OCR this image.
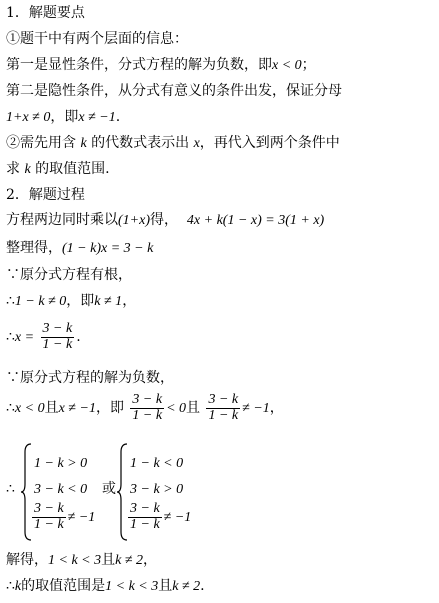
1．解题要点
①题干中有两个层面的信息：
第一是显性条件，分式方程的解为负数，即x < 0；
第二是隐性条件，从分式有意义的条件出发，保证分母
1+x ≠ 0，即x ≠ −1.
②需先用含 k 的代数式表示出 x，再代入到两个条件中
求 k 的取值范围.
2．解题过程
方程两边同时乘以(1+x)得， 4x + k(1 − x) = 3(1 + x)
整理得，(1 − k)x = 3 − k
∵原分式方程有根，
∴1 − k ≠ 0，即k ≠ 1，
∴x = $\frac{3 - k}{1 - k}$ .
∵原分式方程的解为负数，
∴x < 0且x ≠ −1，即 $\frac{3 - k}{1 - k} < 0$且 $\frac{3 - k}{1 - k} \ne -1$，
∴
1 − k > 0
3 − k < 0
$\frac{3 - k}{1 - k} \ne -1$
或
1 − k < 0
3 − k > 0
$\frac{3 - k}{1 - k} \ne -1$
解得，1 < k < 3且k ≠ 2，
∴k的取值范围是1 < k < 3且k ≠ 2.
